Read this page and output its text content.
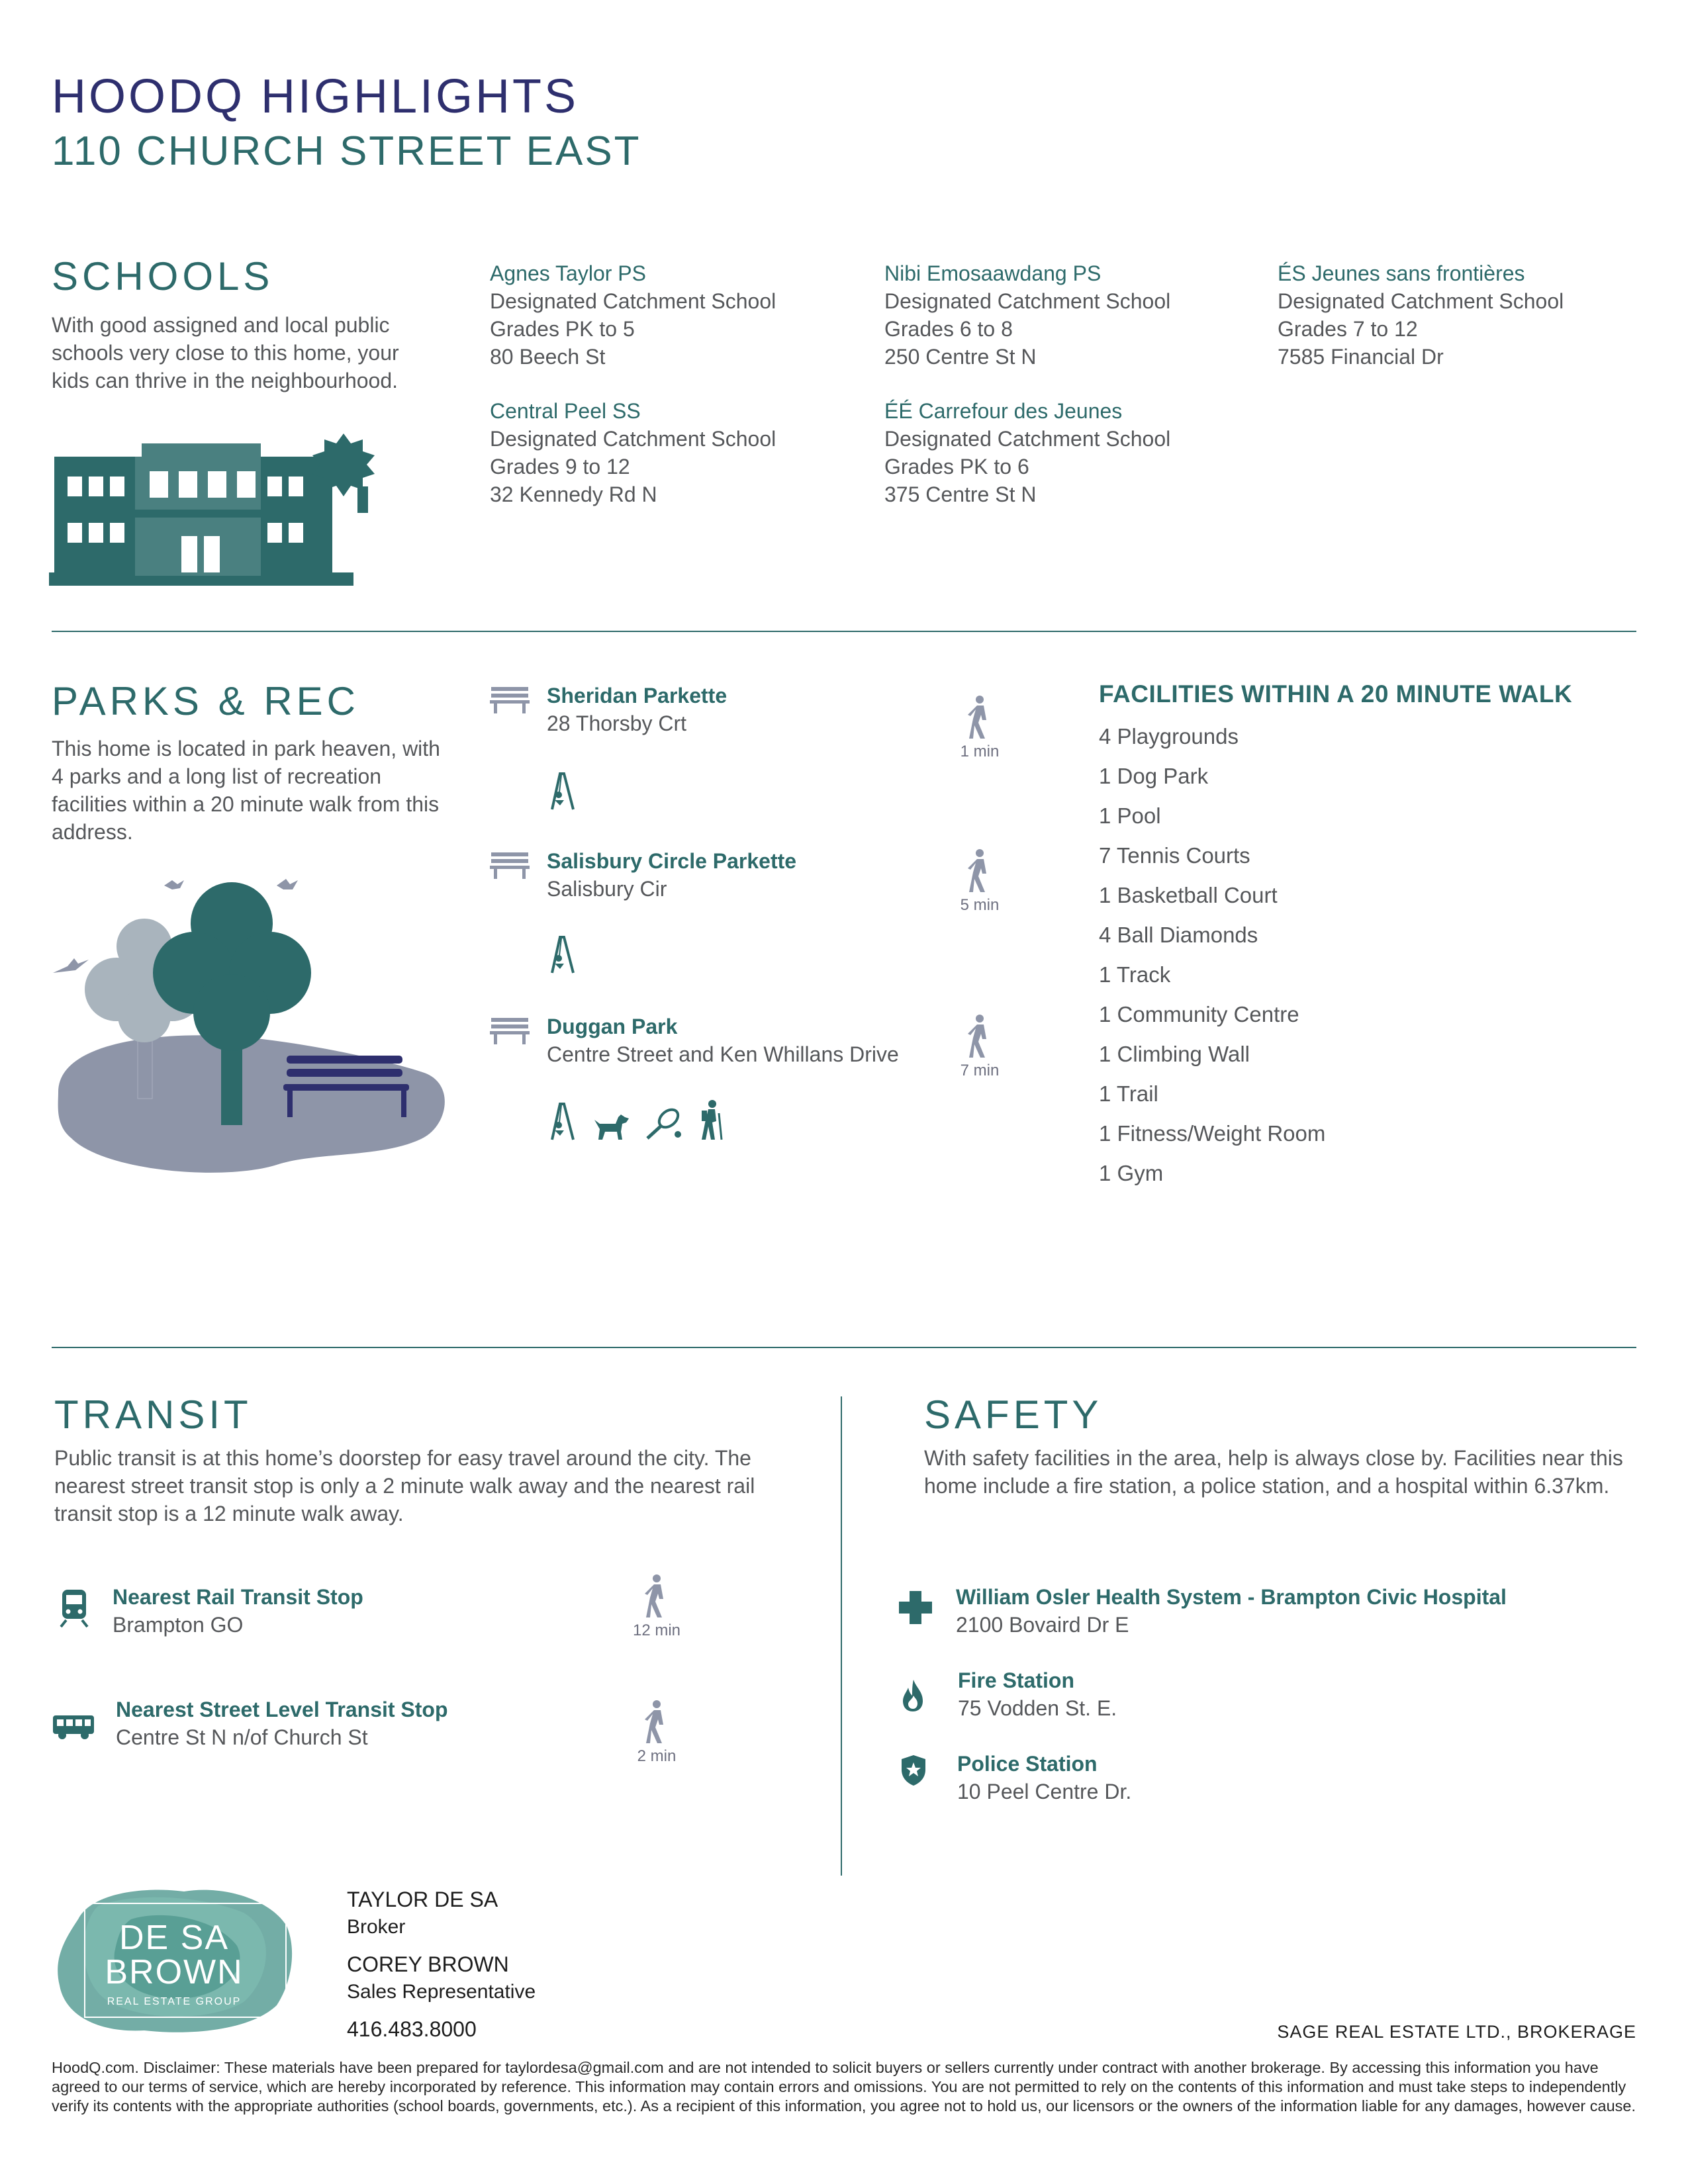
HOODQ HIGHLIGHTS
110 CHURCH STREET EAST
SCHOOLS
With good assigned and local public schools very close to this home, your kids can thrive in the neighbourhood.
Agnes Taylor PS
Designated Catchment School
Grades PK to 5
80 Beech St
Nibi Emosaawdang PS
Designated Catchment School
Grades 6 to 8
250 Centre St N
ÉS Jeunes sans frontières
Designated Catchment School
Grades 7 to 12
7585 Financial Dr
Central Peel SS
Designated Catchment School
Grades 9 to 12
32 Kennedy Rd N
ÉÉ Carrefour des Jeunes
Designated Catchment School
Grades PK to 6
375 Centre St N
PARKS & REC
This home is located in park heaven, with 4 parks and a long list of recreation facilities within a 20 minute walk from this address.
Sheridan Parkette
28 Thorsby Crt
1 min
Salisbury Circle Parkette
Salisbury Cir
5 min
Duggan Park
Centre Street and Ken Whillans Drive
7 min
FACILITIES WITHIN A 20 MINUTE WALK
4 Playgrounds
1 Dog Park
1 Pool
7 Tennis Courts
1 Basketball Court
4 Ball Diamonds
1 Track
1 Community Centre
1 Climbing Wall
1 Trail
1 Fitness/Weight Room
1 Gym
TRANSIT
Public transit is at this home’s doorstep for easy travel around the city. The nearest street transit stop is only a 2 minute walk away and the nearest rail transit stop is a 12 minute walk away.
Nearest Rail Transit Stop
Brampton GO	12 min
Nearest Street Level Transit Stop
Centre St N n/of Church St
2 min
SAFETY
With safety facilities in the area, help is always close by. Facilities near this home include a fire station, a police station, and a hospital within 6.37km.
William Osler Health System - Brampton Civic Hospital
2100 Bovaird Dr E
Fire Station
75 Vodden St. E.
Police Station
10 Peel Centre Dr.
DE SA
BROWN
REAL ESTATE GROUP
TAYLOR DE SA
Broker
COREY BROWN
Sales Representative
416.483.8000	SAGE REAL ESTATE LTD., BROKERAGE
HoodQ.com. Disclaimer: These materials have been prepared for taylordesa@gmail.com and are not intended to solicit buyers or sellers currently under contract with another brokerage. By accessing this information you have agreed to our terms of service, which are hereby incorporated by reference. This information may contain errors and omissions. You are not permitted to rely on the contents of this information and must take steps to independently verify its contents with the appropriate authorities (school boards, governments, etc.). As a recipient of this information, you agree not to hold us, our licensors or the owners of the information liable for any damages, however cause.
